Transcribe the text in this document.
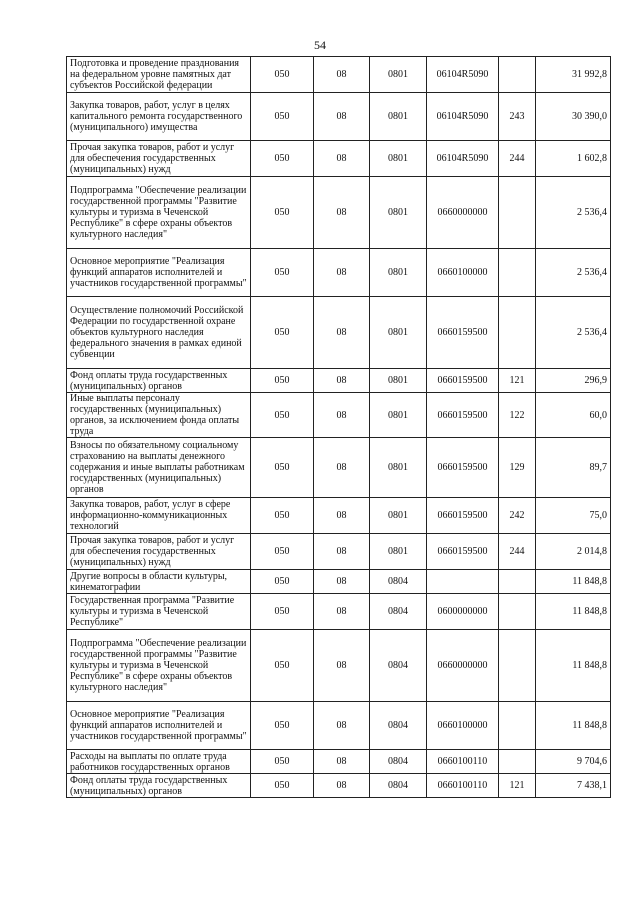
54
Подготовка и проведение празднования на федеральном уровне памятных дат субъектов Российской федерации	050	08	0801	06104R5090		31 992,8
Закупка товаров, работ, услуг в целях капитального ремонта государственного (муниципального) имущества	050	08	0801	06104R5090	243	30 390,0
Прочая закупка товаров, работ и услуг для обеспечения государственных (муниципальных) нужд	050	08	0801	06104R5090	244	1 602,8
Подпрограмма "Обеспечение реализации государственной программы "Развитие культуры и туризма в Чеченской Республике" в сфере охраны объектов культурного наследия"	050	08	0801	0660000000		2 536,4
Основное мероприятие "Реализация функций аппаратов исполнителей и участников государственной программы"	050	08	0801	0660100000		2 536,4
Осуществление полномочий Российской Федерации по государственной охране объектов культурного наследия федерального значения в рамках единой субвенции	050	08	0801	0660159500		2 536,4
Фонд оплаты труда государственных (муниципальных) органов	050	08	0801	0660159500	121	296,9
Иные выплаты персоналу государственных (муниципальных) органов, за исключением фонда оплаты труда	050	08	0801	0660159500	122	60,0
Взносы по обязательному социальному страхованию на выплаты денежного содержания и иные выплаты работникам государственных (муниципальных) органов	050	08	0801	0660159500	129	89,7
Закупка товаров, работ, услуг в сфере информационно-коммуникационных технологий	050	08	0801	0660159500	242	75,0
Прочая закупка товаров, работ и услуг для обеспечения государственных (муниципальных) нужд	050	08	0801	0660159500	244	2 014,8
Другие вопросы в области культуры, кинематографии	050	08	0804			11 848,8
Государственная программа "Развитие культуры и туризма в Чеченской Республике"	050	08	0804	0600000000		11 848,8
Подпрограмма "Обеспечение реализации государственной программы "Развитие культуры и туризма в Чеченской Республике" в сфере охраны объектов культурного наследия"	050	08	0804	0660000000		11 848,8
Основное мероприятие "Реализация функций аппаратов исполнителей и участников государственной программы"	050	08	0804	0660100000		11 848,8
Расходы на выплаты по оплате труда работников государственных органов	050	08	0804	0660100110		9 704,6
Фонд оплаты труда государственных (муниципальных) органов	050	08	0804	0660100110	121	7 438,1
